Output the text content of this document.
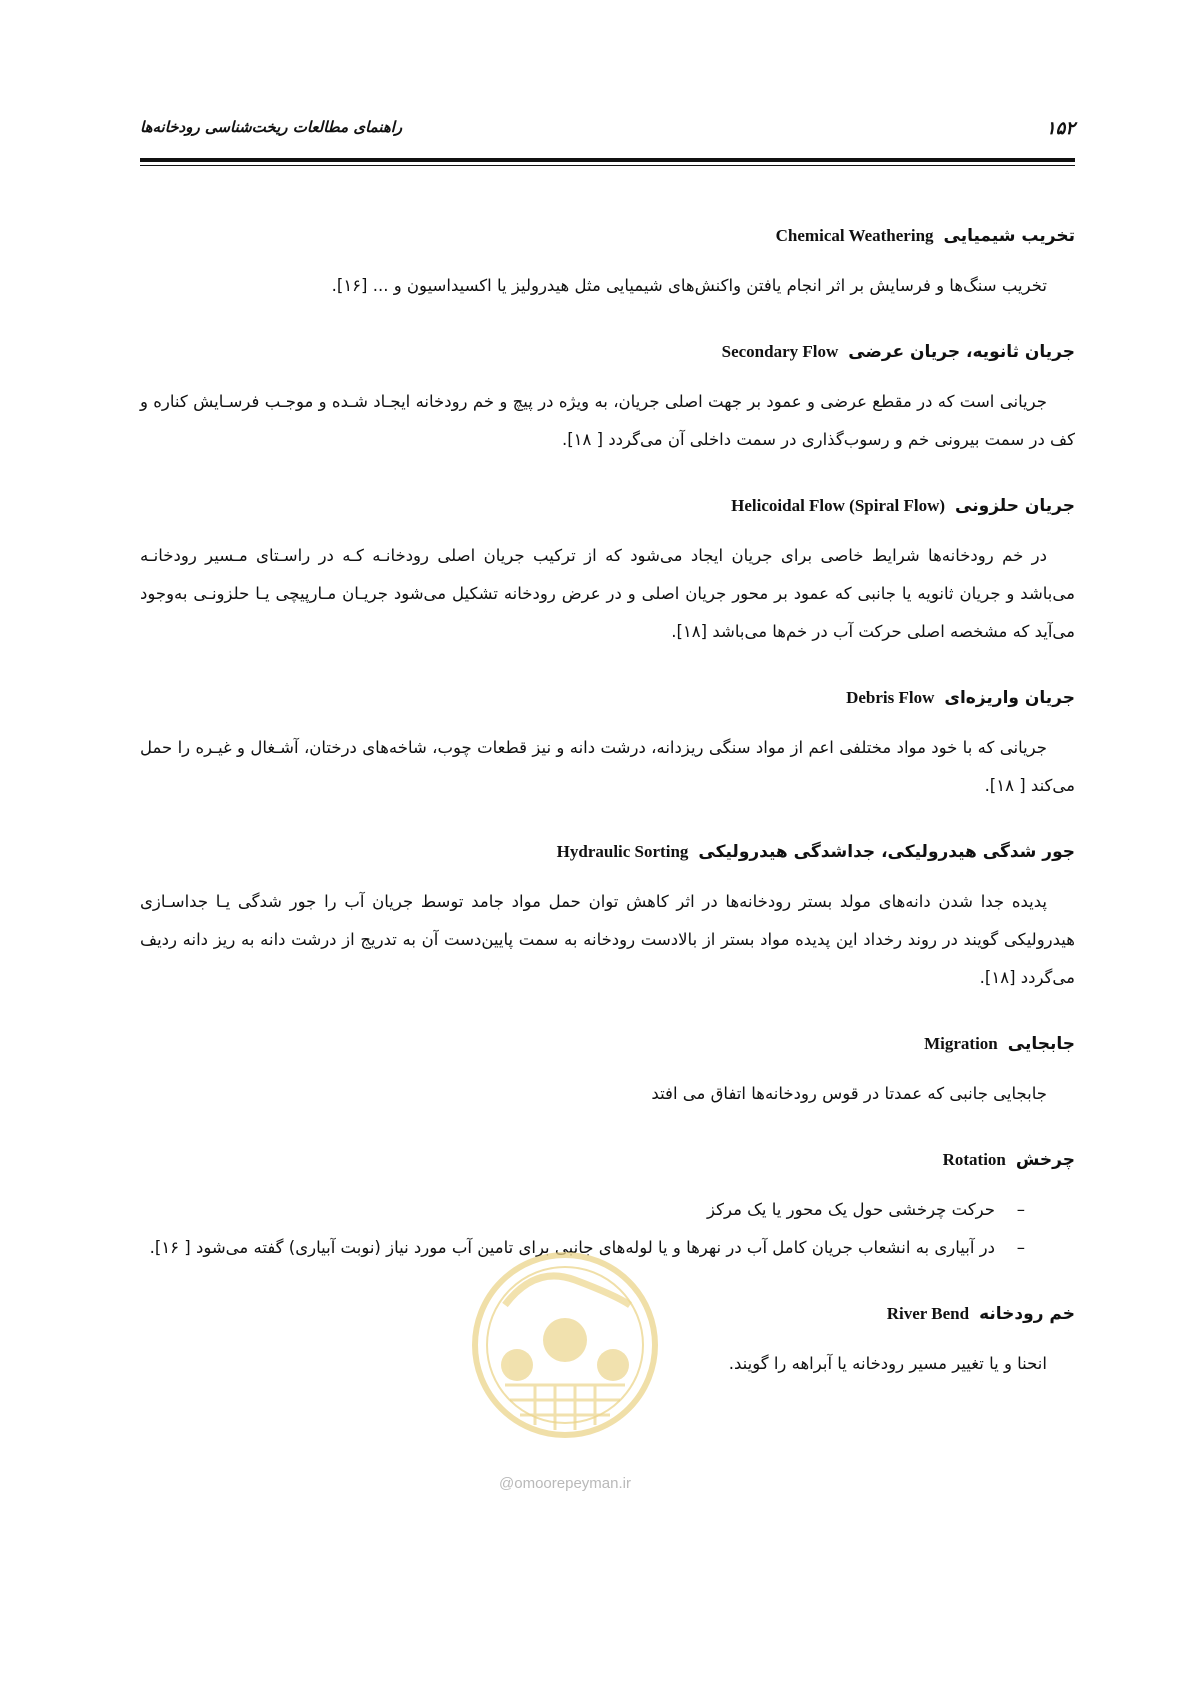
۱۵۲
راهنمای مطالعات ریخت‌شناسی رودخانه‌ها
تخریب شیمیایی
Chemical Weathering

تخریب سنگ‌ها و فرسایش بر اثر انجام یافتن واکنش‌های شیمیایی مثل هیدرولیز یا اکسیداسیون و ... [۱۶].

جریان ثانویه، جریان عرضی
Secondary Flow

جریانی است که در مقطع عرضی و عمود بر جهت اصلی جریان، به ویژه در پیچ و خم رودخانه ایجـاد شـده و موجـب فرسـایش کناره و کف در سمت بیرونی خم و رسوب‌گذاری در سمت داخلی آن می‌گردد [ ۱۸].

جریان حلزونی
Helicoidal Flow (Spiral Flow)

در خم رودخانه‌ها شرایط خاصی برای جریان ایجاد می‌شود که از ترکیب جریان اصلی رودخانـه کـه در راسـتای مـسیر رودخانـه می‌باشد و جریان ثانویه یا جانبی که عمود بر محور جریان اصلی و در عرض رودخانه تشکیل می‌شود جریـان مـارپیچی یـا حلزونـی به‌وجود می‌آید که مشخصه اصلی حرکت آب در خم‌ها می‌باشد [۱۸].

جریان واریزه‌ای
Debris Flow

جریانی که با خود مواد مختلفی اعم از مواد سنگی ریزدانه، درشت دانه و نیز قطعات چوب، شاخه‌های درختان، آشـغال و غیـره را حمل می‌کند [ ۱۸].

جور شدگی هیدرولیکی، جداشدگی هیدرولیکی
Hydraulic Sorting

پدیده جدا شدن دانه‌های مولد بستر رودخانه‌ها در اثر کاهش توان حمل مواد جامد توسط جریان آب را جور شدگی یـا جداسـازی هیدرولیکی گویند در روند رخداد این پدیده مواد بستر از بالادست رودخانه به سمت پایین‌دست آن به تدریج از درشت دانه به ریز دانه ردیف می‌گردد [۱۸].

جابجایی
Migration

جابجایی جانبی که عمدتا در قوس رودخانه‌ها اتفاق می افتد

چرخش
Rotation
–
حرکت چرخشی حول یک محور یا یک مرکز
–
در آبیاری به انشعاب جریان کامل آب در نهرها و یا لوله‌های جانبی برای تامین آب مورد نیاز (نوبت آبیاری) گفته می‌شود [ ۱۶].
خم رودخانه
River Bend

انحنا و یا تغییر مسیر رودخانه یا آبراهه را گویند.

@omoorepeyman.ir
